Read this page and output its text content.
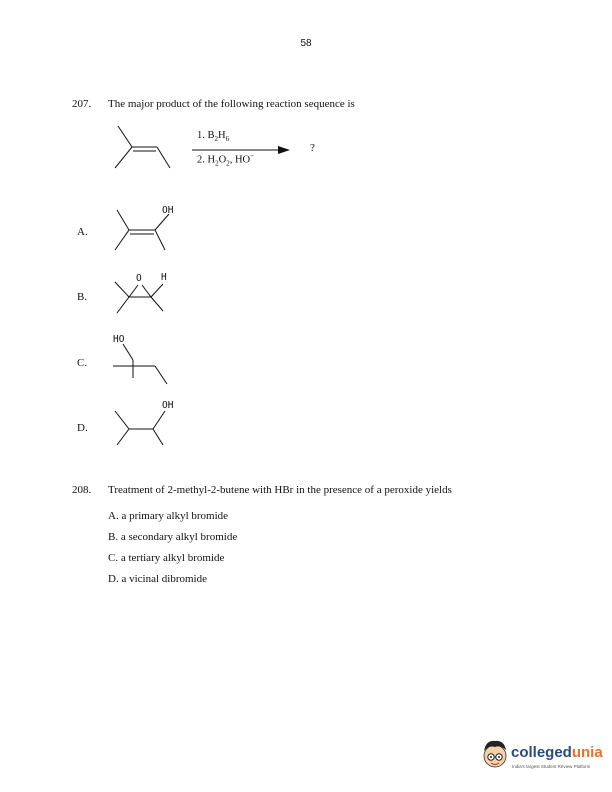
58
207. The major product of the following reaction sequence is
1. $B_2H_6$
2. $H_2O_2$, HO−
?
A.
OH
B.
O H
C.
HO
D.
OH
208. Treatment of 2-methyl-2-butene with HBr in the presence of a peroxide yields
A. a primary alkyl bromide
B. a secondary alkyl bromide
C. a tertiary alkyl bromide
D. a vicinal dibromide
collegedunia
India's largest Student Review Platform
